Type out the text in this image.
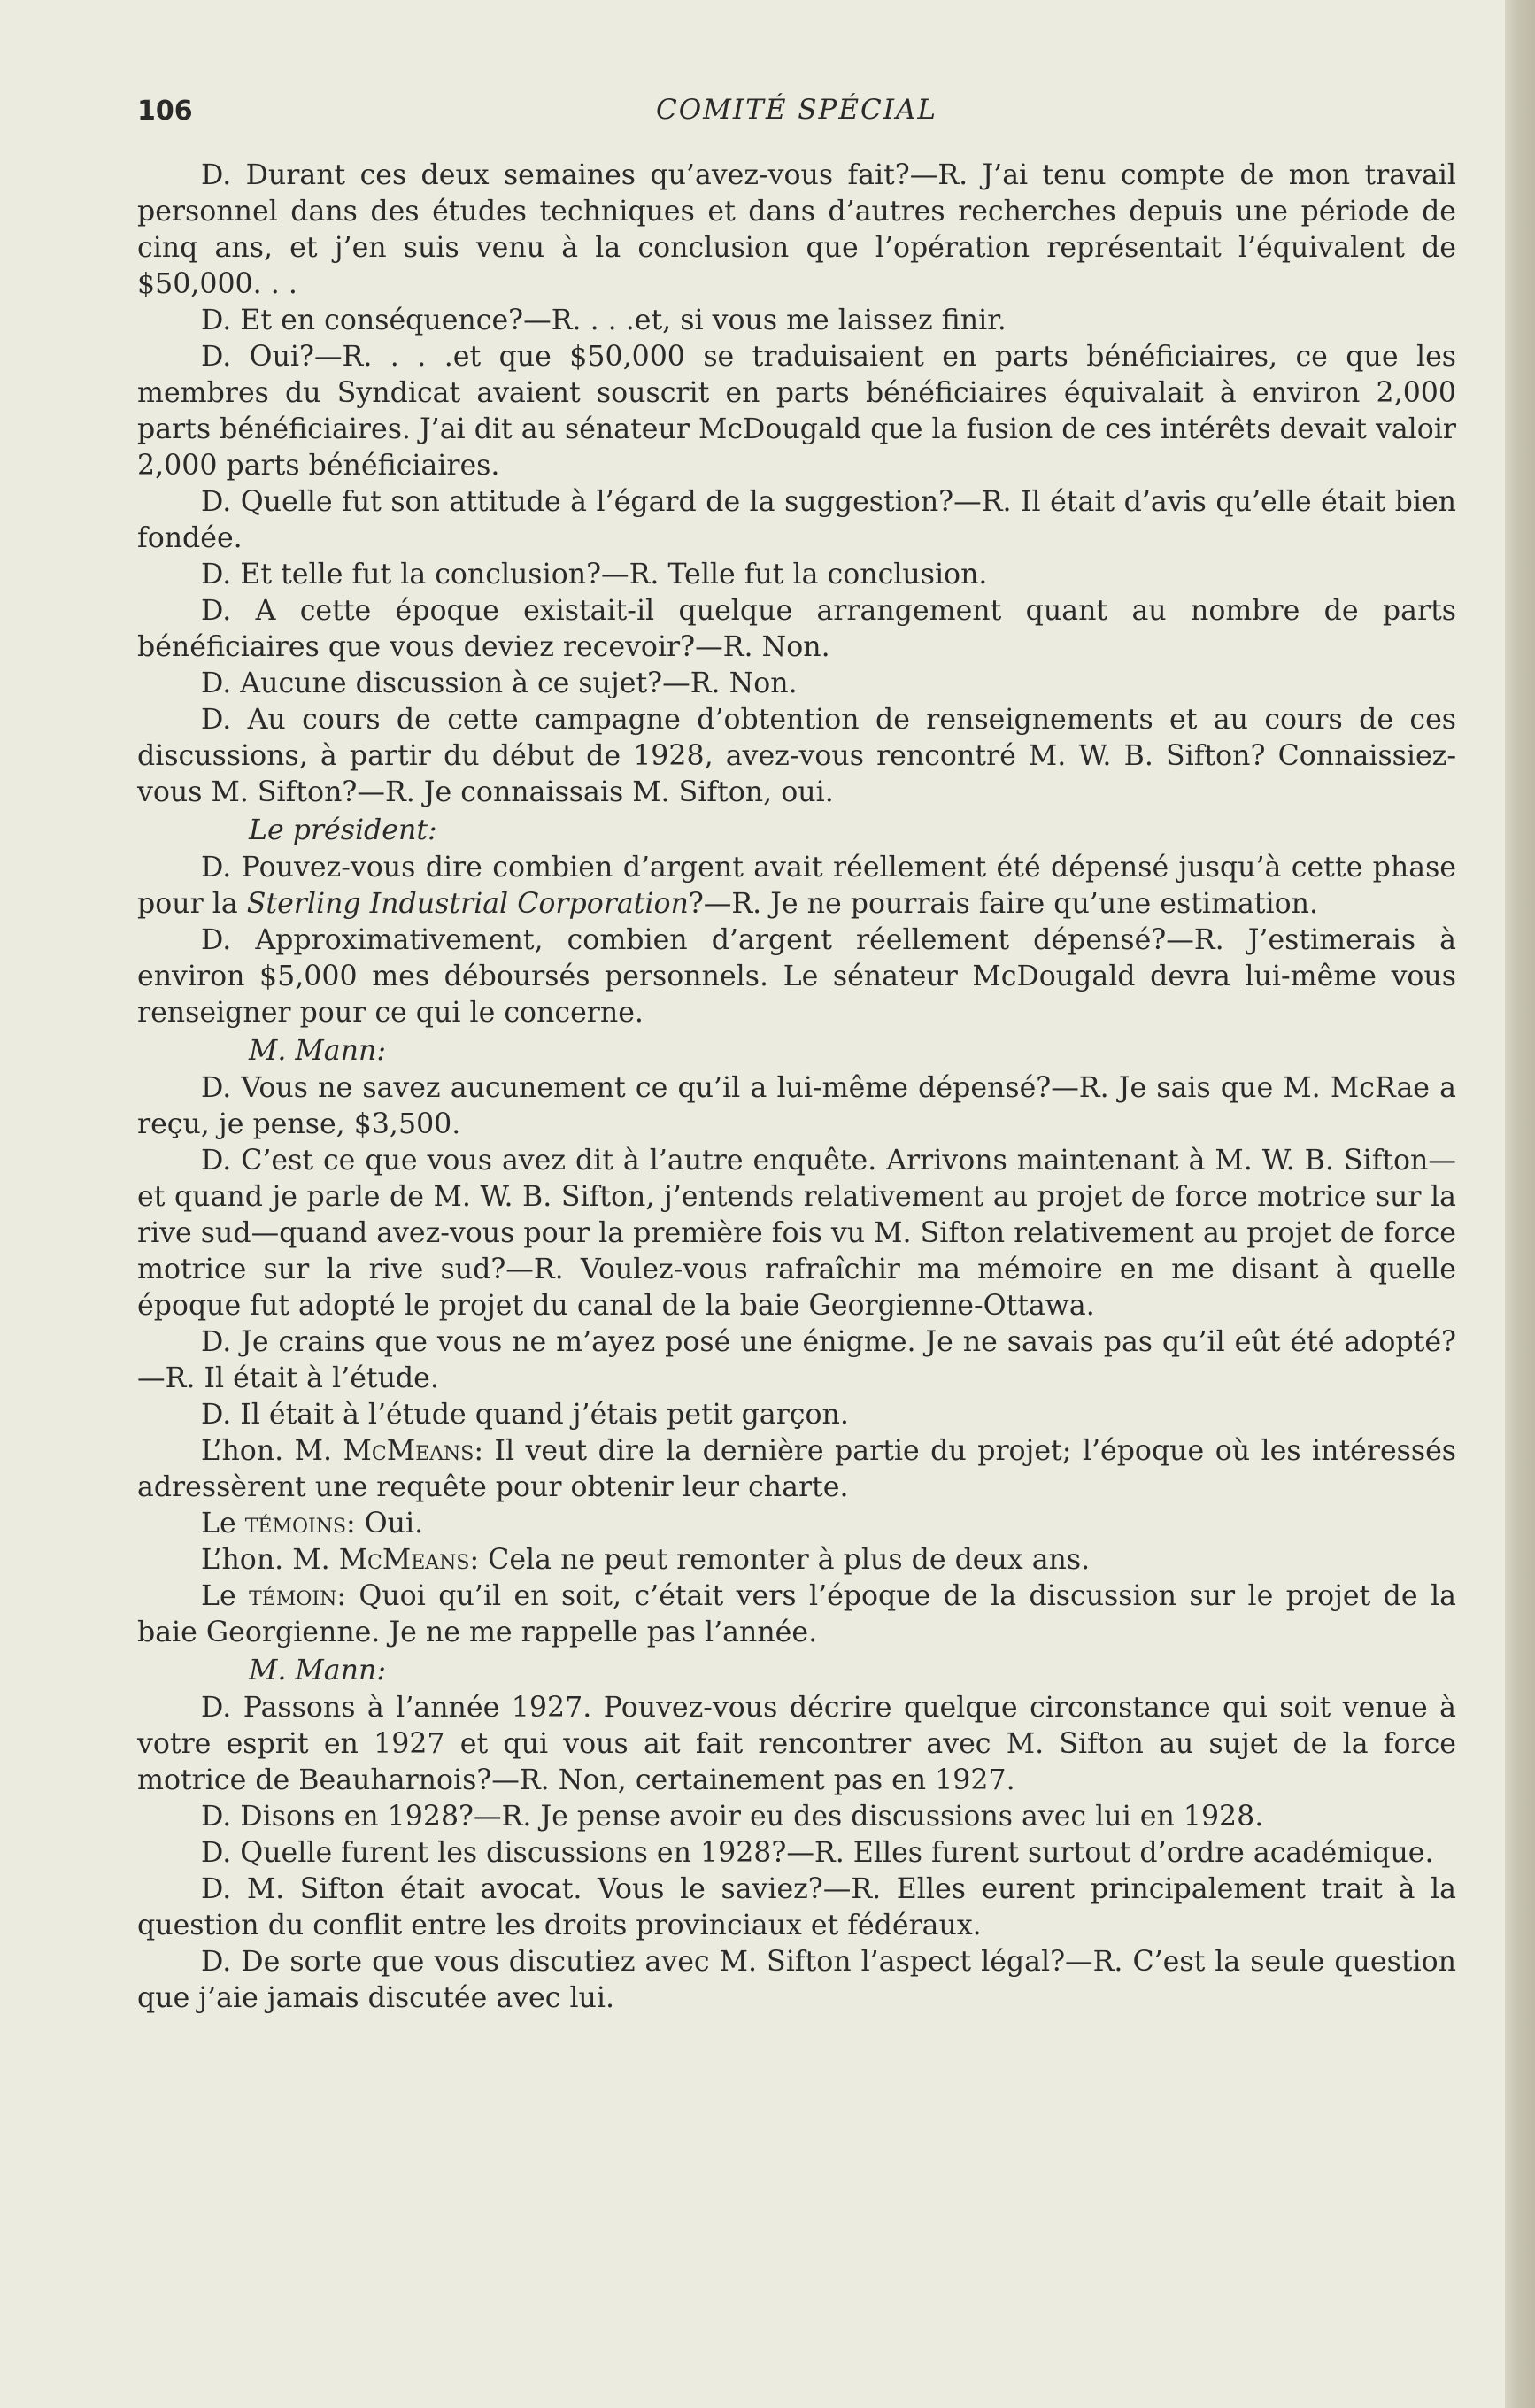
106	COMITÉ SPÉCIAL

D. Durant ces deux semaines qu’avez-vous fait?—R. J’ai tenu compte de mon travail personnel dans des études techniques et dans d’autres recherches depuis une période de cinq ans, et j’en suis venu à la conclusion que l’opération représentait l’équivalent de $50,000. . .

D. Et en conséquence?—R. . . .et, si vous me laissez finir.

D. Oui?—R. . . .et que $50,000 se traduisaient en parts bénéficiaires, ce que les membres du Syndicat avaient souscrit en parts bénéficiaires équivalait à environ 2,000 parts bénéficiaires. J’ai dit au sénateur McDougald que la fusion de ces intérêts devait valoir 2,000 parts bénéficiaires.

D. Quelle fut son attitude à l’égard de la suggestion?—R. Il était d’avis qu’elle était bien fondée.

D. Et telle fut la conclusion?—R. Telle fut la conclusion.

D. A cette époque existait-il quelque arrangement quant au nombre de parts bénéficiaires que vous deviez recevoir?—R. Non.

D. Aucune discussion à ce sujet?—R. Non.

D. Au cours de cette campagne d’obtention de renseignements et au cours de ces discussions, à partir du début de 1928, avez-vous rencontré M. W. B. Sifton? Connaissiez-vous M. Sifton?—R. Je connaissais M. Sifton, oui.

Le président:

D. Pouvez-vous dire combien d’argent avait réellement été dépensé jusqu’à cette phase pour la Sterling Industrial Corporation?—R. Je ne pourrais faire qu’une estimation.

D. Approximativement, combien d’argent réellement dépensé?—R. J’estimerais à environ $5,000 mes déboursés personnels. Le sénateur McDougald devra lui-même vous renseigner pour ce qui le concerne.

M. Mann:

D. Vous ne savez aucunement ce qu’il a lui-même dépensé?—R. Je sais que M. McRae a reçu, je pense, $3,500.

D. C’est ce que vous avez dit à l’autre enquête. Arrivons maintenant à M. W. B. Sifton—et quand je parle de M. W. B. Sifton, j’entends relativement au projet de force motrice sur la rive sud—quand avez-vous pour la première fois vu M. Sifton relativement au projet de force motrice sur la rive sud?—R. Voulez-vous rafraîchir ma mémoire en me disant à quelle époque fut adopté le projet du canal de la baie Georgienne-Ottawa.

D. Je crains que vous ne m’ayez posé une énigme. Je ne savais pas qu’il eût été adopté?—R. Il était à l’étude.

D. Il était à l’étude quand j’étais petit garçon.

L’hon. M. McMeans: Il veut dire la dernière partie du projet; l’époque où les intéressés adressèrent une requête pour obtenir leur charte.

Le témoins: Oui.

L’hon. M. McMeans: Cela ne peut remonter à plus de deux ans.

Le témoin: Quoi qu’il en soit, c’était vers l’époque de la discussion sur le projet de la baie Georgienne. Je ne me rappelle pas l’année.

M. Mann:

D. Passons à l’année 1927. Pouvez-vous décrire quelque circonstance qui soit venue à votre esprit en 1927 et qui vous ait fait rencontrer avec M. Sifton au sujet de la force motrice de Beauharnois?—R. Non, certainement pas en 1927.

D. Disons en 1928?—R. Je pense avoir eu des discussions avec lui en 1928.

D. Quelle furent les discussions en 1928?—R. Elles furent surtout d’ordre académique.

D. M. Sifton était avocat. Vous le saviez?—R. Elles eurent principalement trait à la question du conflit entre les droits provinciaux et fédéraux.

D. De sorte que vous discutiez avec M. Sifton l’aspect légal?—R. C’est la seule question que j’aie jamais discutée avec lui.
